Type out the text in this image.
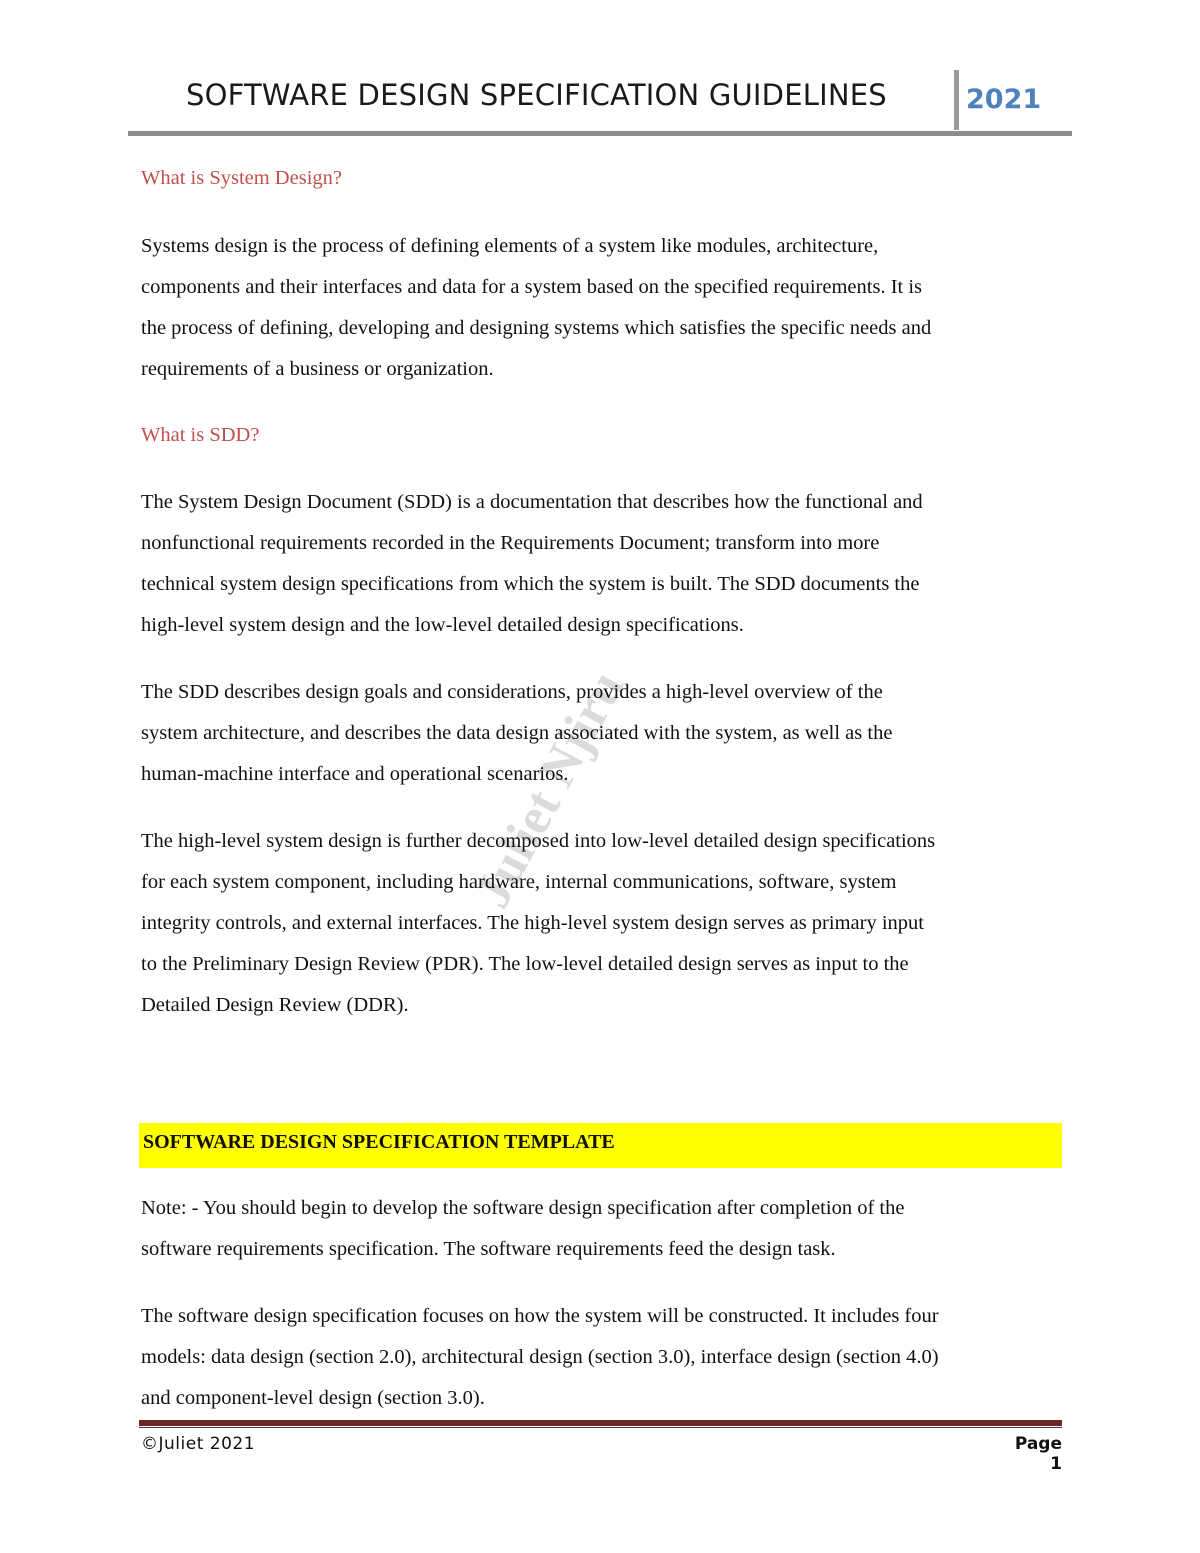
SOFTWARE DESIGN SPECIFICATION GUIDELINES	2021
What is System Design?
Systems design is the process of defining elements of a system like modules, architecture,
components and their interfaces and data for a system based on the specified requirements. It is
the process of defining, developing and designing systems which satisfies the specific needs and
requirements of a business or organization.
What is SDD?
The System Design Document (SDD) is a documentation that describes how the functional and
nonfunctional requirements recorded in the Requirements Document; transform into more
technical system design specifications from which the system is built. The SDD documents the
high-level system design and the low-level detailed design specifications.
The SDD describes design goals and considerations, provides a high-level overview of the
system architecture, and describes the data design associated with the system, as well as the
human-machine interface and operational scenarios.
The high-level system design is further decomposed into low-level detailed design specifications
for each system component, including hardware, internal communications, software, system
integrity controls, and external interfaces. The high-level system design serves as primary input
to the Preliminary Design Review (PDR). The low-level detailed design serves as input to the
Detailed Design Review (DDR).
Juliet Njiru
SOFTWARE DESIGN SPECIFICATION TEMPLATE
Note: - You should begin to develop the software design specification after completion of the
software requirements specification. The software requirements feed the design task.
The software design specification focuses on how the system will be constructed. It includes four
models: data design (section 2.0), architectural design (section 3.0), interface design (section 4.0)
and component-level design (section 3.0).
©Juliet 2021	Page 1
